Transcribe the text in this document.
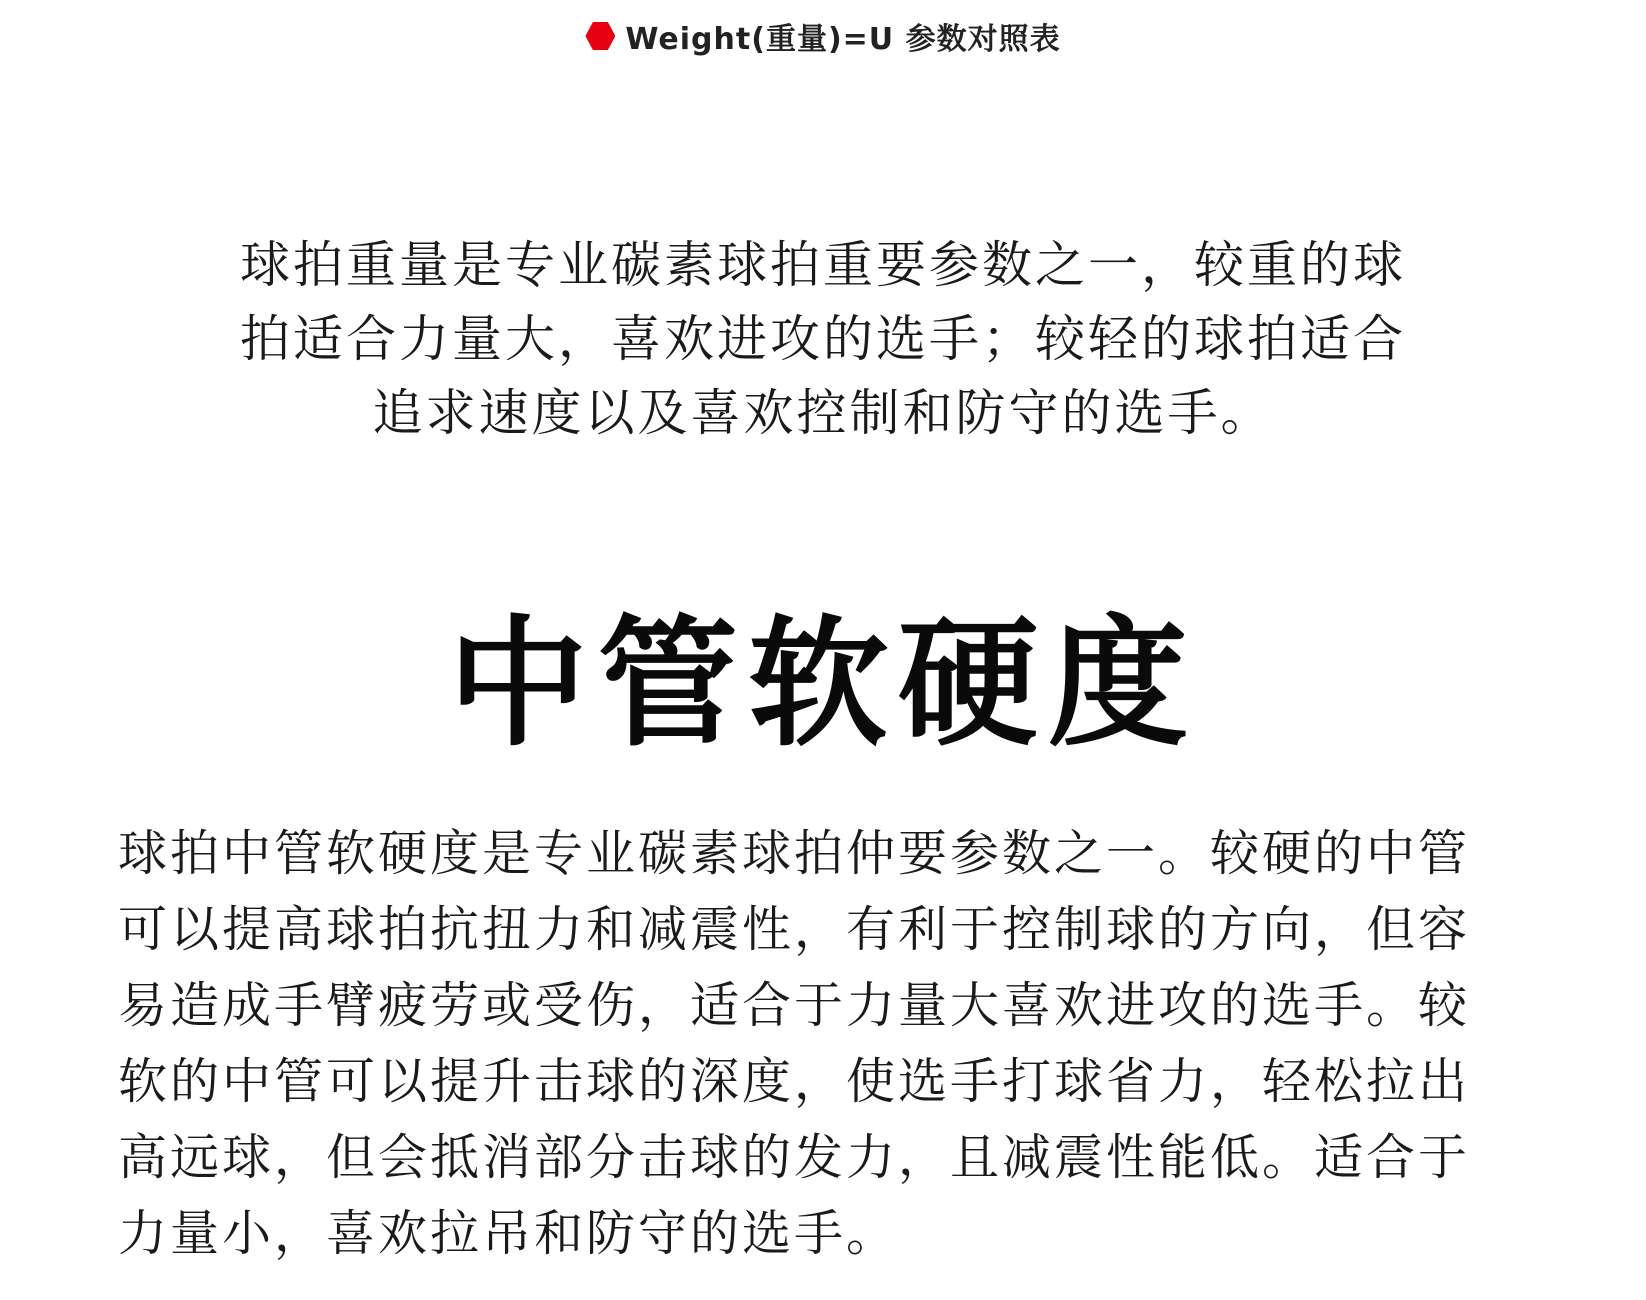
Weight(重量)=U 参数对照表
球拍重量是专业碳素球拍重要参数之一，较重的球
拍适合力量大，喜欢进攻的选手；较轻的球拍适合
追求速度以及喜欢控制和防守的选手。
中管软硬度
球拍中管软硬度是专业碳素球拍仲要参数之一。较硬的中管
可以提高球拍抗扭力和减震性，有利于控制球的方向，但容
易造成手臂疲劳或受伤，适合于力量大喜欢进攻的选手。较
软的中管可以提升击球的深度，使选手打球省力，轻松拉出
高远球，但会抵消部分击球的发力，且减震性能低。适合于
力量小，喜欢拉吊和防守的选手。
